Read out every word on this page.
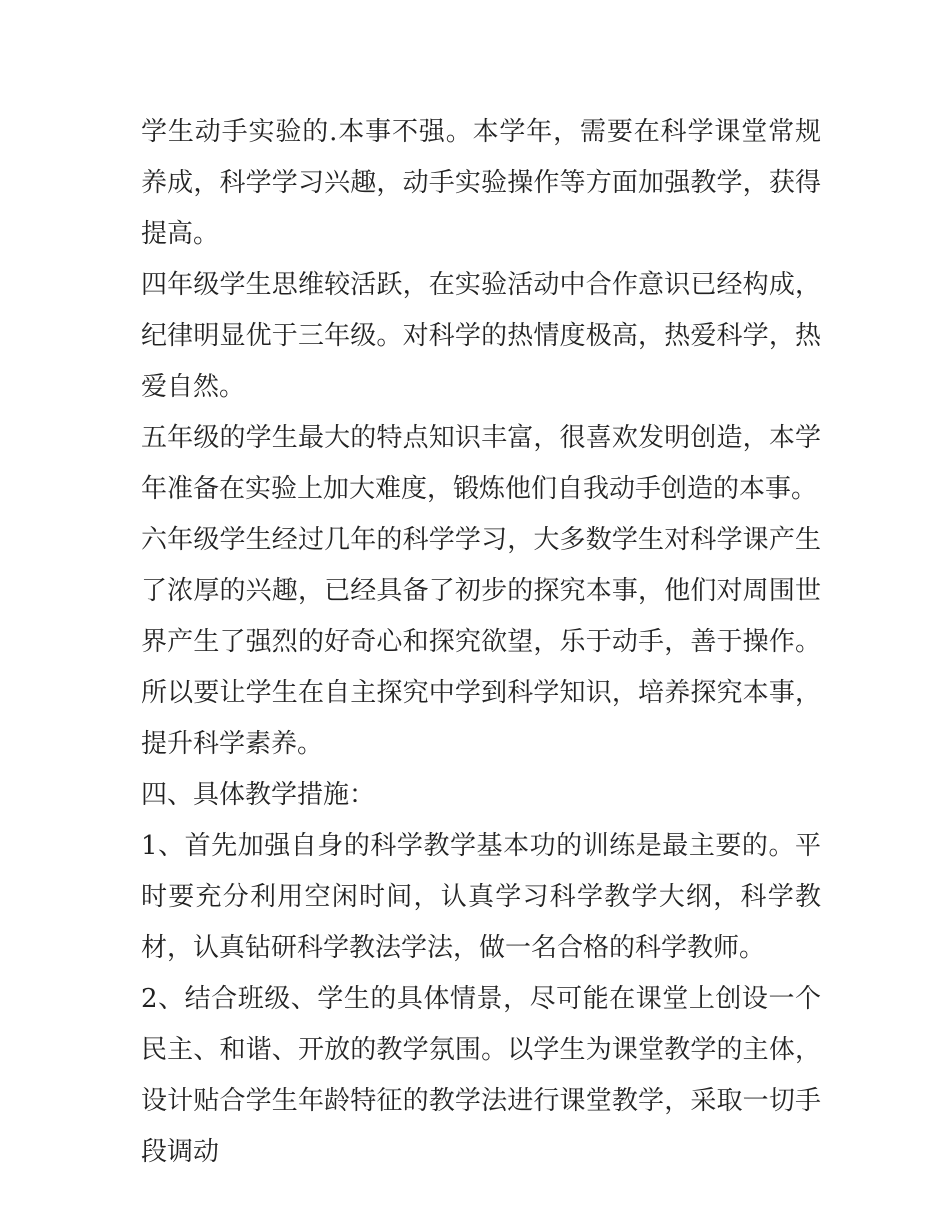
学生动手实验的.本事不强。本学年，需要在科学课堂常规养成，科学学习兴趣，动手实验操作等方面加强教学，获得提高。

四年级学生思维较活跃，在实验活动中合作意识已经构成，纪律明显优于三年级。对科学的热情度极高，热爱科学，热爱自然。

五年级的学生最大的特点知识丰富，很喜欢发明创造，本学年准备在实验上加大难度，锻炼他们自我动手创造的本事。

六年级学生经过几年的科学学习，大多数学生对科学课产生了浓厚的兴趣，已经具备了初步的探究本事，他们对周围世界产生了强烈的好奇心和探究欲望，乐于动手，善于操作。所以要让学生在自主探究中学到科学知识，培养探究本事，提升科学素养。

四、具体教学措施：

1、首先加强自身的科学教学基本功的训练是最主要的。平时要充分利用空闲时间，认真学习科学教学大纲，科学教材，认真钻研科学教法学法，做一名合格的科学教师。

2、结合班级、学生的具体情景，尽可能在课堂上创设一个民主、和谐、开放的教学氛围。以学生为课堂教学的主体，设计贴合学生年龄特征的教学法进行课堂教学，采取一切手段调动
